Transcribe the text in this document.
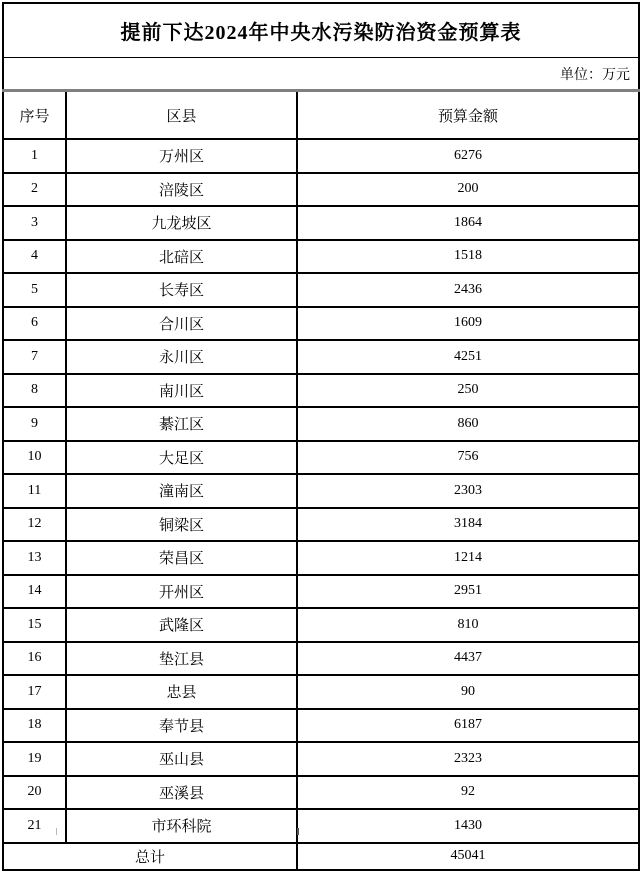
提前下达2024年中央水污染防治资金预算表		
单位：万元		
序号	区县	预算金额
1	万州区	6276
2	涪陵区	200
3	九龙坡区	1864
4	北碚区	1518
5	长寿区	2436
6	合川区	1609
7	永川区	4251
8	南川区	250
9	綦江区	860
10	大足区	756
11	潼南区	2303
12	铜梁区	3184
13	荣昌区	1214
14	开州区	2951
15	武隆区	810
16	垫江县	4437
17	忠县	90
18	奉节县	6187
19	巫山县	2323
20	巫溪县	92
21	市环科院	1430
总计		45041
